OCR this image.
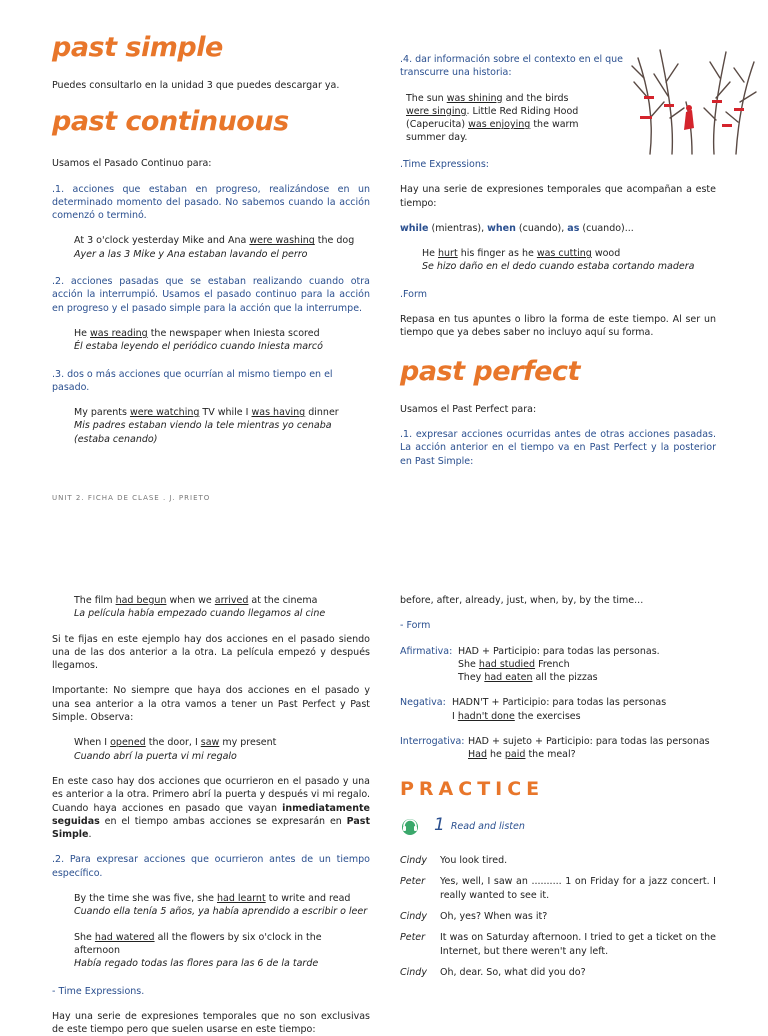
past simple

Puedes consultarlo en la unidad 3 que puedes descargar ya.

past continuous

Usamos el Pasado Continuo para:

.1. acciones que estaban en progreso, realizándose en un determinado momento del pasado. No sabemos cuando la acción comenzó o terminó.

At 3 o'clock yesterday Mike and Ana were washing the dog

Ayer a las 3 Mike y Ana estaban lavando el perro

.2. acciones pasadas que se estaban realizando cuando otra acción la interrumpió. Usamos el pasado continuo para la acción en progreso y el pasado simple para la acción que la interrumpe.

He was reading the newspaper when Iniesta scored

Él estaba leyendo el periódico cuando Iniesta marcó

.3. dos o más acciones que ocurrían al mismo tiempo en el pasado.

My parents were watching TV while I was having dinner

Mis padres estaban viendo la tele mientras yo cenaba (estaba cenando)

UNIT 2. FICHA DE CLASE . J. PRIETO

.4. dar información sobre el contexto en el que transcurre una historia:

The sun was shining and the birds were singing. Little Red Riding Hood (Caperucita) was enjoying the warm summer day.

.Time Expressions:

Hay una serie de expresiones temporales que acompañan a este tiempo:

while (mientras), when (cuando), as (cuando)...

He hurt his finger as he was cutting wood

Se hizo daño en el dedo cuando estaba cortando madera

.Form

Repasa en tus apuntes o libro la forma de este tiempo. Al ser un tiempo que ya debes saber no incluyo aquí su forma.

past perfect

Usamos el Past Perfect para:

.1. expresar acciones ocurridas antes de otras acciones pasadas. La acción anterior en el tiempo va en Past Perfect y la posterior en Past Simple:

The film had begun when we arrived at the cinema

La película había empezado cuando llegamos al cine

Si te fijas en este ejemplo hay dos acciones en el pasado siendo una de las dos anterior a la otra. La película empezó y después llegamos.

Importante: No siempre que haya dos acciones en el pasado y una sea anterior a la otra vamos a tener un Past Perfect y Past Simple. Observa:

When I opened the door, I saw my present

Cuando abrí la puerta vi mi regalo

En este caso hay dos acciones que ocurrieron en el pasado y una es anterior a la otra. Primero abrí la puerta y después vi mi regalo. Cuando haya acciones en pasado que vayan inmediatamente seguidas en el tiempo ambas acciones se expresarán en Past Simple.

.2. Para expresar acciones que ocurrieron antes de un tiempo específico.

By the time she was five, she had learnt to write and read

Cuando ella tenía 5 años, ya había aprendido a escribir o leer

She had watered all the flowers by six o'clock in the afternoon

Había regado todas las flores para las 6 de la tarde

- Time Expressions.

Hay una serie de expresiones temporales que no son exclusivas de este tiempo pero que suelen usarse en este tiempo:

before, after, already, just, when, by, by the time...

- Form

Afirmativa: HAD + Participio: para todas las personas.

She had studied French

They had eaten all the pizzas

Negativa: HADN'T + Participio: para todas las personas

I hadn't done the exercises

Interrogativa: HAD + sujeto + Participio: para todas las personas

Had he paid the meal?

PRACTICE
1 Read and listen
Cindy	You look tired.
Peter	Yes, well, I saw an .......... 1 on Friday for a jazz concert. I really wanted to see it.
Cindy	Oh, yes? When was it?
Peter	It was on Saturday afternoon. I tried to get a ticket on the Internet, but there weren't any left.
Cindy	Oh, dear. So, what did you do?
